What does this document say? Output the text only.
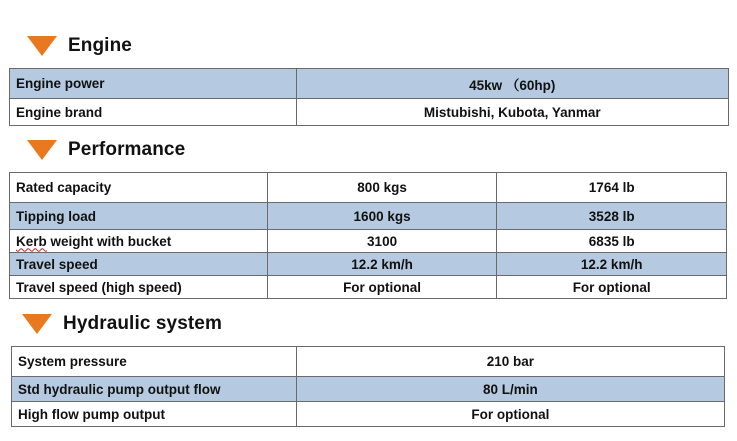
Engine
Engine power	45kw （60hp)
Engine brand	Mistubishi, Kubota, Yanmar
Performance
Rated capacity	800 kgs	1764 lb
Tipping load	1600 kgs	3528 lb
Kerb weight with bucket	3100	6835 lb
Travel speed	12.2 km/h	12.2 km/h
Travel speed (high speed)	For optional	For optional
Hydraulic system
System pressure	210 bar
Std hydraulic pump output flow	80 L/min
High flow pump output	For optional
